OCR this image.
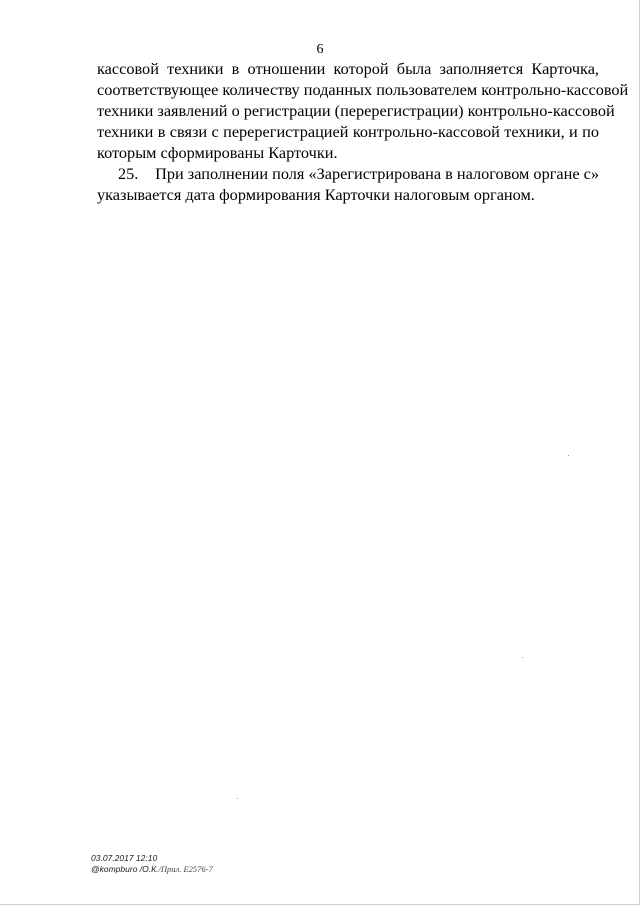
6
кассовой техники в отношении которой была заполняется Карточка,
соответствующее количеству поданных пользователем контрольно-кассовой
техники заявлений о регистрации (перерегистрации) контрольно-кассовой
техники в связи с перерегистрацией контрольно-кассовой техники, и по
которым сформированы Карточки.
25.	При заполнении поля «Зарегистрирована в налоговом органе с»
указывается дата формирования Карточки налоговым органом.
03.07.2017 12:10
@kompburo /О.К./Прил. Е2576-7
